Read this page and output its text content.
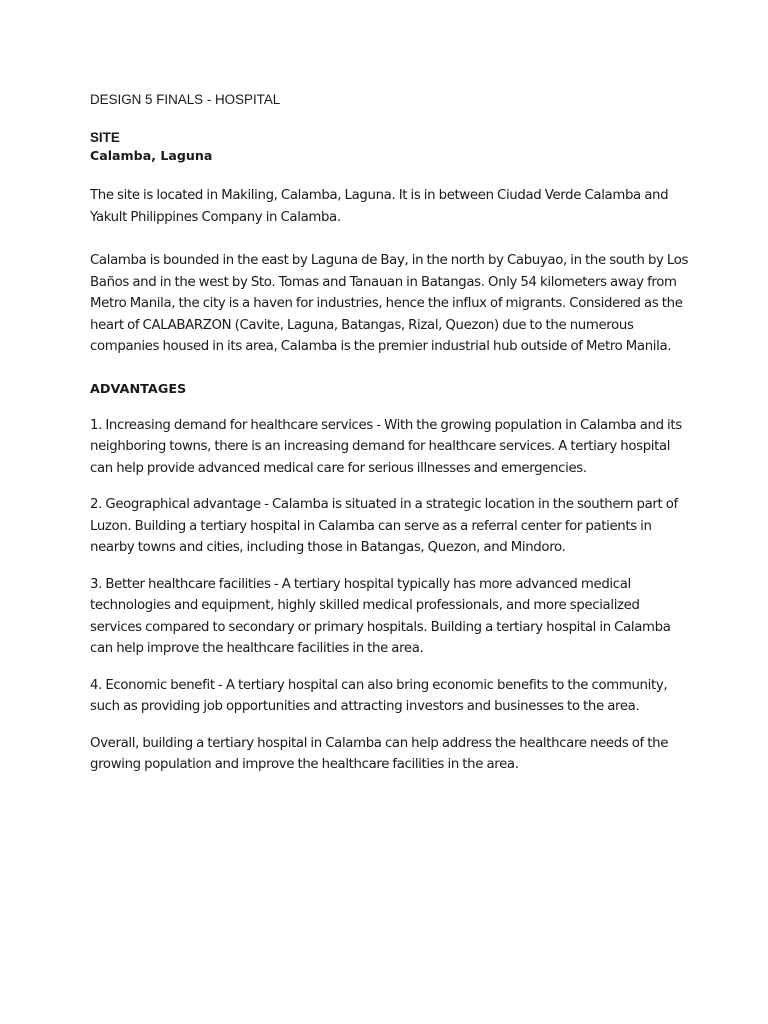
DESIGN 5 FINALS - HOSPITAL
SITE
Calamba, Laguna

The site is located in Makiling, Calamba, Laguna. It is in between Ciudad Verde Calamba and Yakult Philippines Company in Calamba.

Calamba is bounded in the east by Laguna de Bay, in the north by Cabuyao, in the south by Los Baños and in the west by Sto. Tomas and Tanauan in Batangas. Only 54 kilometers away from Metro Manila, the city is a haven for industries, hence the influx of migrants. Considered as the heart of CALABARZON (Cavite, Laguna, Batangas, Rizal, Quezon) due to the numerous companies housed in its area, Calamba is the premier industrial hub outside of Metro Manila.

ADVANTAGES

1. Increasing demand for healthcare services - With the growing population in Calamba and its neighboring towns, there is an increasing demand for healthcare services. A tertiary hospital can help provide advanced medical care for serious illnesses and emergencies.

2. Geographical advantage - Calamba is situated in a strategic location in the southern part of Luzon. Building a tertiary hospital in Calamba can serve as a referral center for patients in nearby towns and cities, including those in Batangas, Quezon, and Mindoro.

3. Better healthcare facilities - A tertiary hospital typically has more advanced medical technologies and equipment, highly skilled medical professionals, and more specialized services compared to secondary or primary hospitals. Building a tertiary hospital in Calamba can help improve the healthcare facilities in the area.

4. Economic benefit - A tertiary hospital can also bring economic benefits to the community, such as providing job opportunities and attracting investors and businesses to the area.

Overall, building a tertiary hospital in Calamba can help address the healthcare needs of the growing population and improve the healthcare facilities in the area.
